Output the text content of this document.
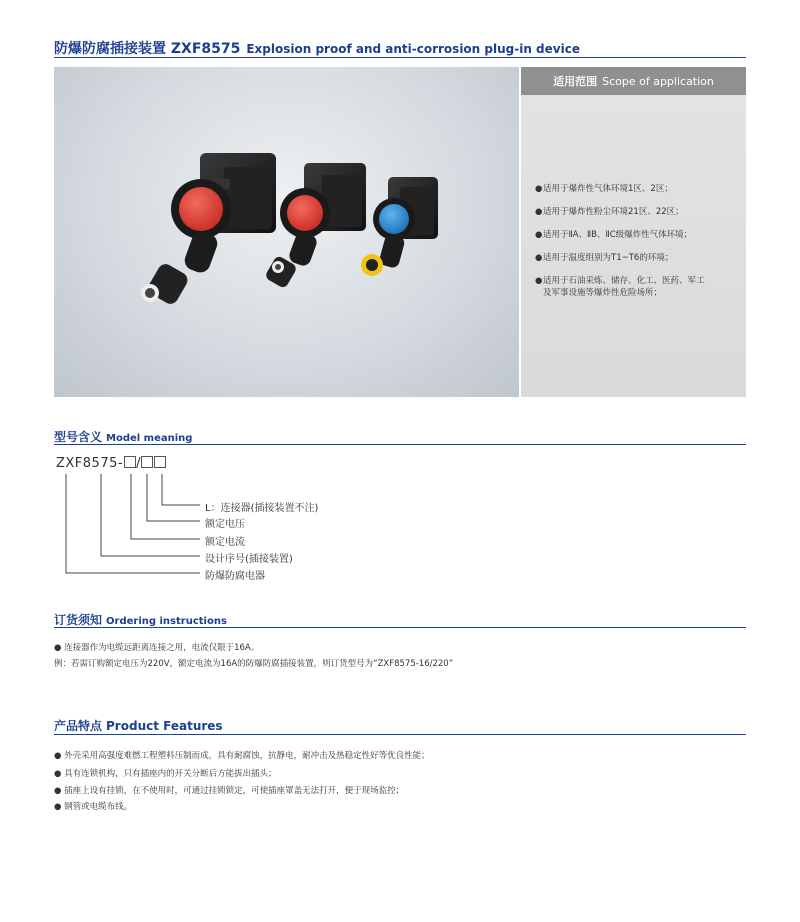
防爆防腐插接装置 ZXF8575 Explosion proof and anti-corrosion plug-in device
适用范围 Scope of application
● 适用于爆炸性气体环境1区、2区；
● 适用于爆炸性粉尘环境21区、22区；
● 适用于ⅡA、ⅡB、ⅡC级爆炸性气体环境；
● 适用于温度组别为T1~T6的环境；
● 适用于石油采炼、储存、化工、医药、军工
及军事设施等爆炸性危险场所；
型号含义 Model meaning
ZXF8575- /
L：连接器(插接装置不注)
额定电压
额定电流
设计序号(插接装置)
防爆防腐电器
订货须知 Ordering instructions
● 连接器作为电缆远距离连接之用，电流仅限于16A。
例：若需订购额定电压为220V，额定电流为16A的防爆防腐插接装置，则订货型号为“ZXF8575-16/220”
产品特点 Product Features
● 外壳采用高强度难燃工程塑料压制而成，具有耐腐蚀，抗静电，耐冲击及热稳定性好等优良性能；
● 具有连锁机构，只有插座内的开关分断后方能拔出插头；
● 插座上设有挂锁，在不使用时，可通过挂锁锁定，可使插座罩盖无法打开，便于现场监控；
● 钢管或电缆布线。
